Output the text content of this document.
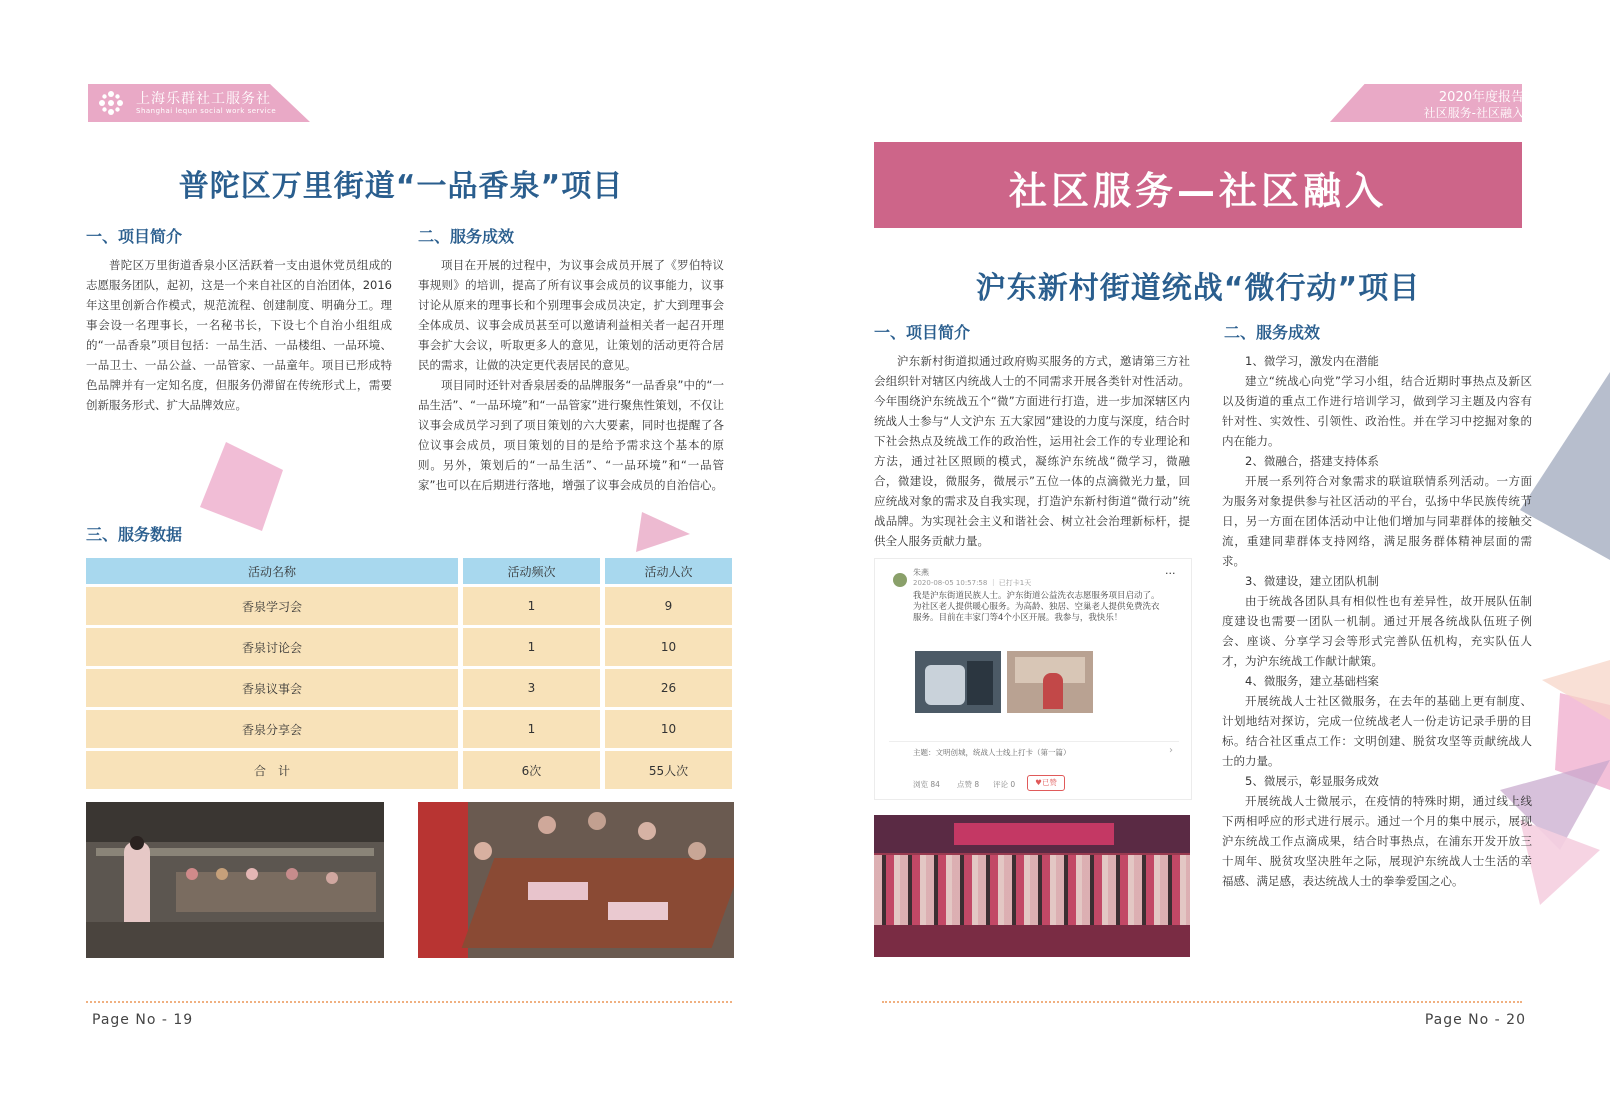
上海乐群社工服务社
Shanghai lequn social work service
2020年度报告
社区服务-社区融入
普陀区万里街道“一品香泉”项目
一、项目简介

普陀区万里街道香泉小区活跃着一支由退休党员组成的志愿服务团队，起初，这是一个来自社区的自治团体，2016年这里创新合作模式，规范流程、创建制度、明确分工。理事会设一名理事长，一名秘书长，下设七个自治小组组成的“一品香泉”项目包括：一品生活、一品楼组、一品环境、一品卫士、一品公益、一品管家、一品童年。项目已形成特色品牌并有一定知名度，但服务仍滞留在传统形式上，需要创新服务形式、扩大品牌效应。

二、服务成效

项目在开展的过程中，为议事会成员开展了《罗伯特议事规则》的培训，提高了所有议事会成员的议事能力，议事讨论从原来的理事长和个别理事会成员决定，扩大到理事会全体成员、议事会成员甚至可以邀请利益相关者一起召开理事会扩大会议，听取更多人的意见，让策划的活动更符合居民的需求，让做的决定更代表居民的意见。

项目同时还针对香泉居委的品牌服务“一品香泉”中的“一品生活”、“一品环境”和“一品管家”进行聚焦性策划，不仅让议事会成员学习到了项目策划的六大要素，同时也提醒了各位议事会成员，项目策划的目的是给予需求这个基本的原则。另外，策划后的“一品生活”、“一品环境”和“一品管家”也可以在后期进行落地，增强了议事会成员的自治信心。

三、服务数据
活动名称	活动频次	活动人次
香泉学习会	1	9
香泉讨论会	1	10
香泉议事会	3	26
香泉分享会	1	10
合　计	6次	55人次
Page No - 19
社区服务—社区融入
沪东新村街道统战“微行动”项目
一、项目简介

沪东新村街道拟通过政府购买服务的方式，邀请第三方社会组织针对辖区内统战人士的不同需求开展各类针对性活动。今年围绕沪东统战五个“微”方面进行打造，进一步加深辖区内统战人士参与“人文沪东 五大家园”建设的力度与深度，结合时下社会热点及统战工作的政治性，运用社会工作的专业理论和方法，通过社区照顾的模式，凝练沪东统战“微学习，微融合，微建设，微服务，微展示”五位一体的点滴微光力量，回应统战对象的需求及自我实现，打造沪东新村街道“微行动”统战品牌。为实现社会主义和谐社会、树立社会治理新标杆，提供全人服务贡献力量。

朱燕
2020-08-05 10:57:58 ｜ 已打卡1天
···
我是沪东街道民族人士。沪东街道公益洗衣志愿服务项目启动了。为社区老人提供暖心服务。为高龄、独居、空巢老人提供免费洗衣服务。目前在丰家门等4个小区开展。我参与，我快乐！
主题：文明创城，统战人士线上打卡（第一篇）	›
浏览 84 点赞 8 评论 0	♥已赞
二、服务成效

1、微学习，激发内在潜能

建立“统战心向党”学习小组，结合近期时事热点及新区以及街道的重点工作进行培训学习，做到学习主题及内容有针对性、实效性、引领性、政治性。并在学习中挖掘对象的内在能力。

2、微融合，搭建支持体系

开展一系列符合对象需求的联谊联情系列活动。一方面为服务对象提供参与社区活动的平台，弘扬中华民族传统节日，另一方面在团体活动中让他们增加与同辈群体的接触交流，重建同辈群体支持网络，满足服务群体精神层面的需求。

3、微建设，建立团队机制

由于统战各团队具有相似性也有差异性，故开展队伍制度建设也需要一团队一机制。通过开展各统战队伍班子例会、座谈、分享学习会等形式完善队伍机构，充实队伍人才，为沪东统战工作献计献策。

4、微服务，建立基础档案

开展统战人士社区微服务，在去年的基础上更有制度、计划地结对探访，完成一位统战老人一份走访记录手册的目标。结合社区重点工作：文明创建、脱贫攻坚等贡献统战人士的力量。

5、微展示，彰显服务成效

开展统战人士微展示，在疫情的特殊时期，通过线上线下两相呼应的形式进行展示。通过一个月的集中展示，展现沪东统战工作点滴成果，结合时事热点，在浦东开发开放三十周年、脱贫攻坚决胜年之际，展现沪东统战人士生活的幸福感、满足感，表达统战人士的拳拳爱国之心。

Page No - 20
